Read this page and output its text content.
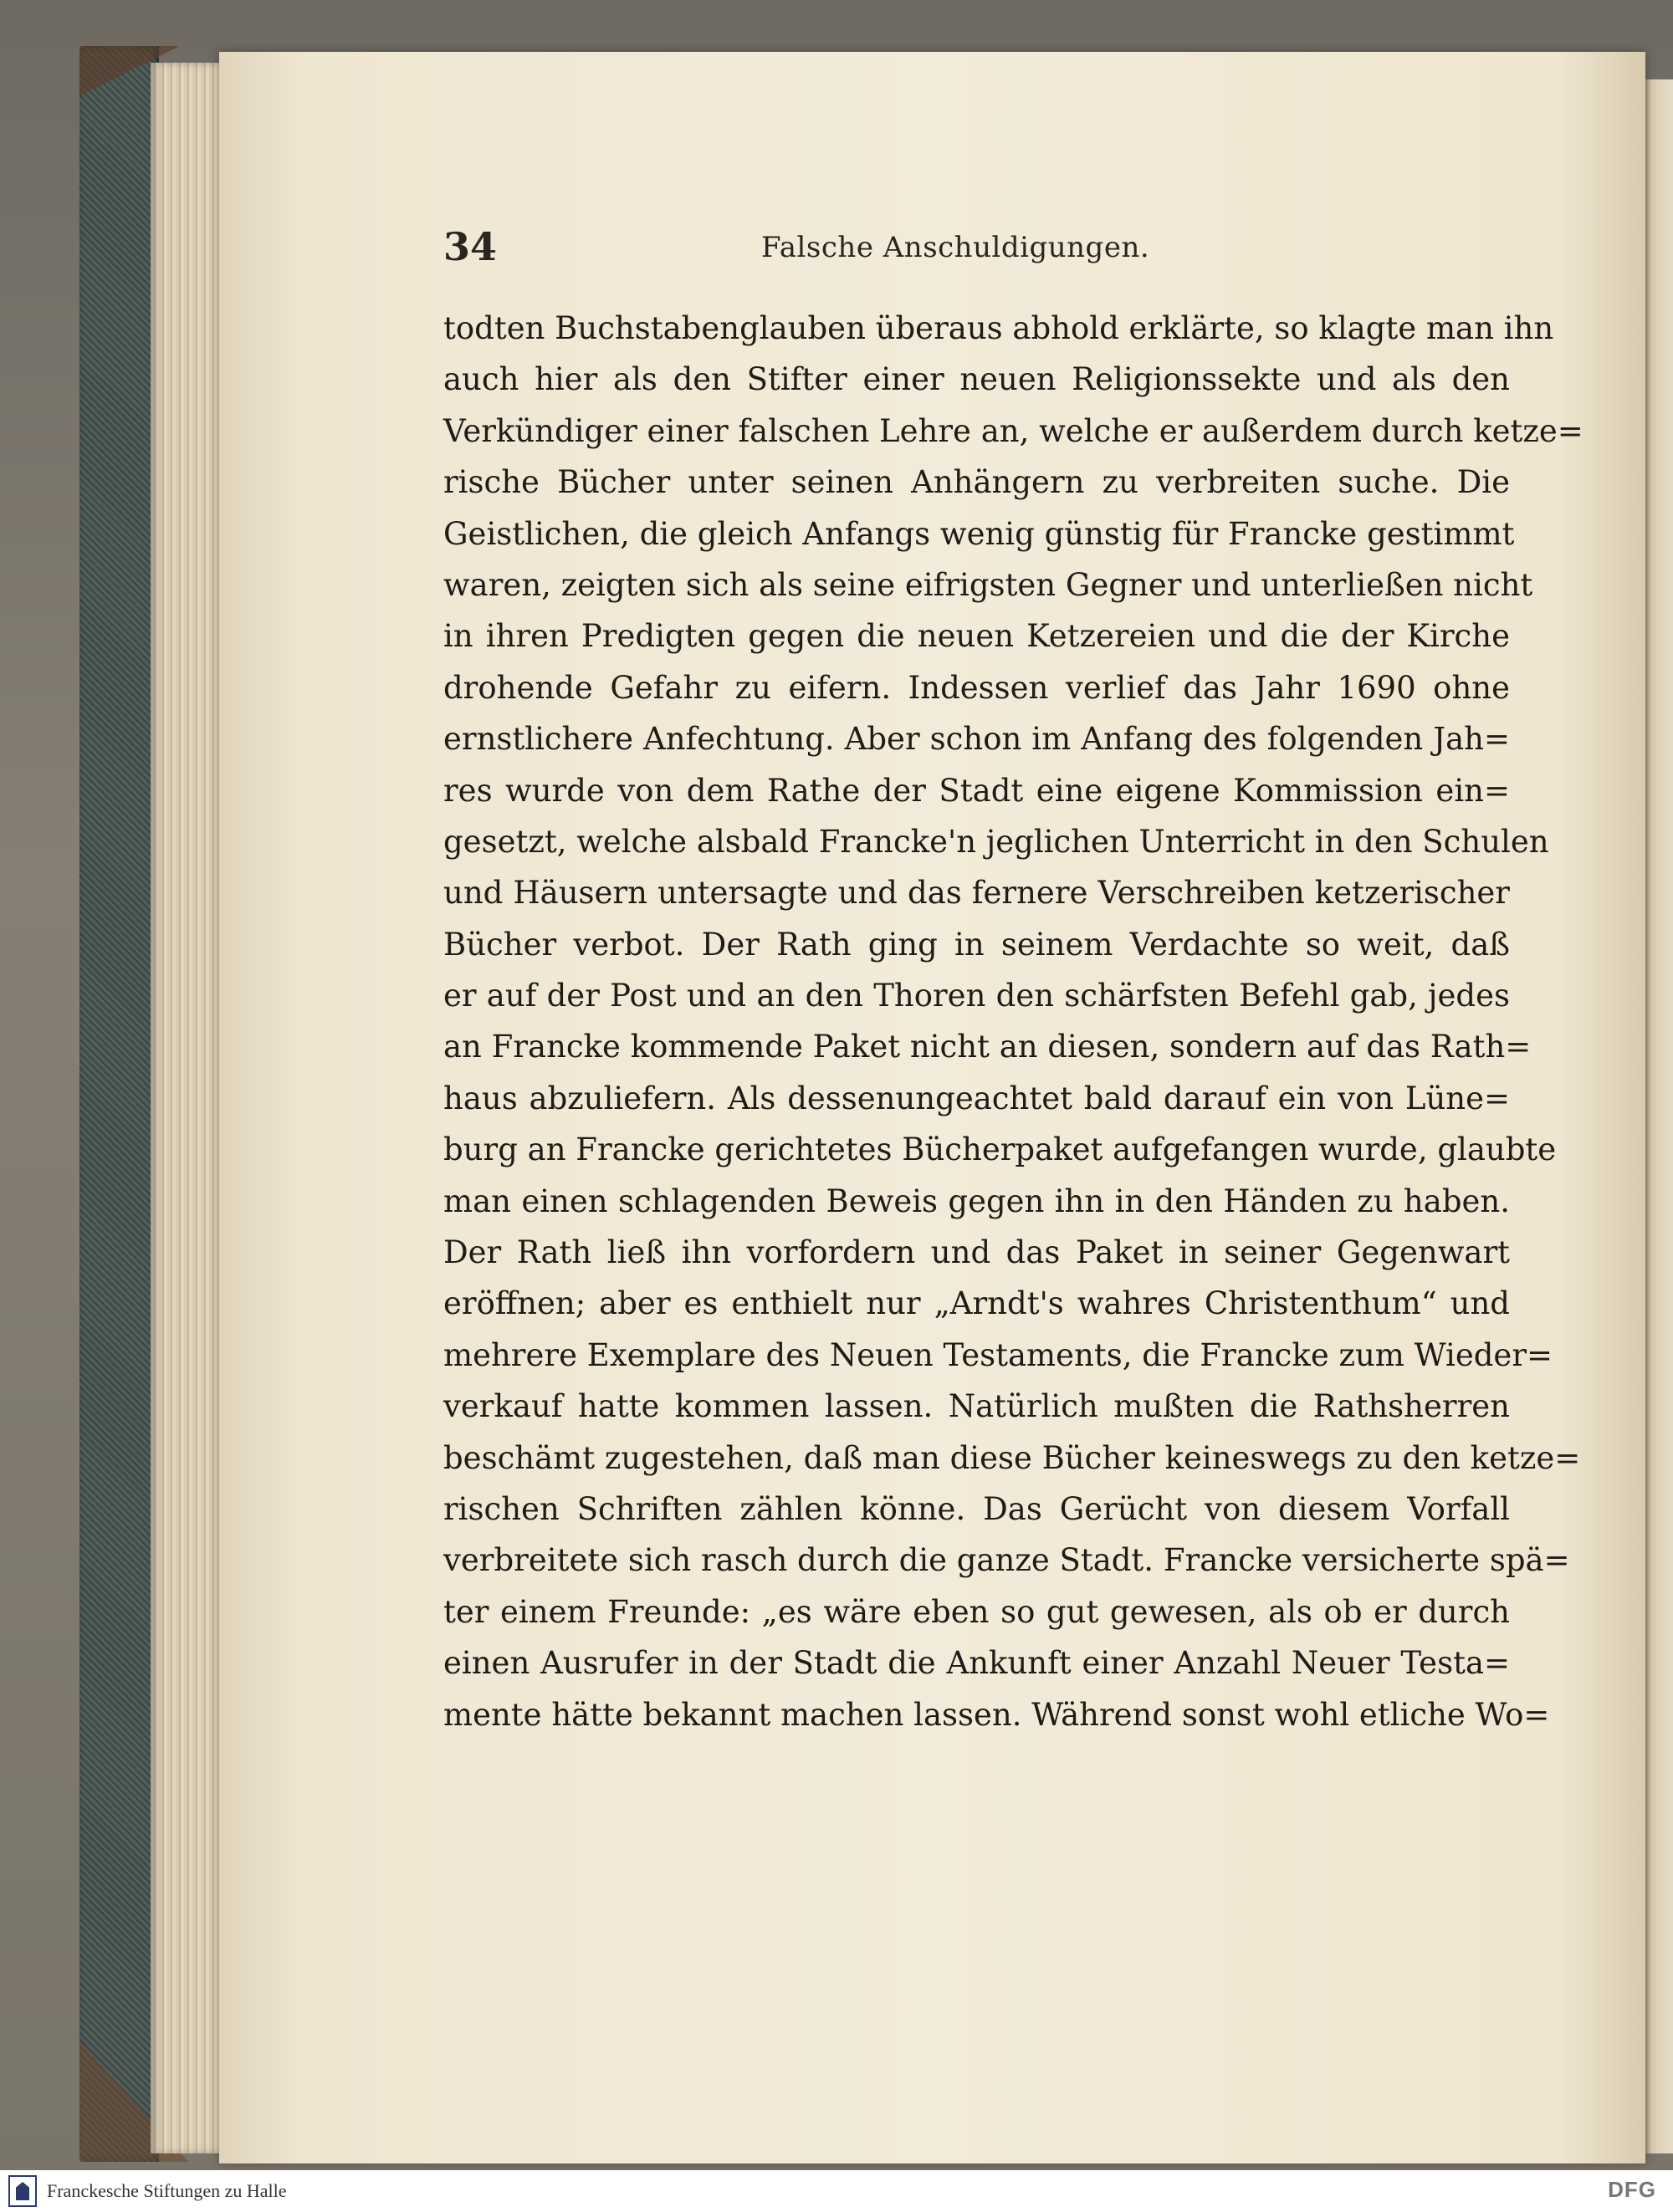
34	Falsche Anschuldigungen.
todten Buchstabenglauben überaus abhold erklärte, so klagte man ihn
auch hier als den Stifter einer neuen Religionssekte und als den
Verkündiger einer falschen Lehre an, welche er außerdem durch ketze=
rische Bücher unter seinen Anhängern zu verbreiten suche. Die
Geistlichen, die gleich Anfangs wenig günstig für Francke gestimmt
waren, zeigten sich als seine eifrigsten Gegner und unterließen nicht
in ihren Predigten gegen die neuen Ketzereien und die der Kirche
drohende Gefahr zu eifern. Indessen verlief das Jahr 1690 ohne
ernstlichere Anfechtung. Aber schon im Anfang des folgenden Jah=
res wurde von dem Rathe der Stadt eine eigene Kommission ein=
gesetzt, welche alsbald Francke'n jeglichen Unterricht in den Schulen
und Häusern untersagte und das fernere Verschreiben ketzerischer
Bücher verbot. Der Rath ging in seinem Verdachte so weit, daß
er auf der Post und an den Thoren den schärfsten Befehl gab, jedes
an Francke kommende Paket nicht an diesen, sondern auf das Rath=
haus abzuliefern. Als dessenungeachtet bald darauf ein von Lüne=
burg an Francke gerichtetes Bücherpaket aufgefangen wurde, glaubte
man einen schlagenden Beweis gegen ihn in den Händen zu haben.
Der Rath ließ ihn vorfordern und das Paket in seiner Gegenwart
eröffnen; aber es enthielt nur „Arndt's wahres Christenthum“ und
mehrere Exemplare des Neuen Testaments, die Francke zum Wieder=
verkauf hatte kommen lassen. Natürlich mußten die Rathsherren
beschämt zugestehen, daß man diese Bücher keineswegs zu den ketze=
rischen Schriften zählen könne. Das Gerücht von diesem Vorfall
verbreitete sich rasch durch die ganze Stadt. Francke versicherte spä=
ter einem Freunde: „es wäre eben so gut gewesen, als ob er durch
einen Ausrufer in der Stadt die Ankunft einer Anzahl Neuer Testa=
mente hätte bekannt machen lassen. Während sonst wohl etliche Wo=
Franckesche Stiftungen zu Halle	DFG
